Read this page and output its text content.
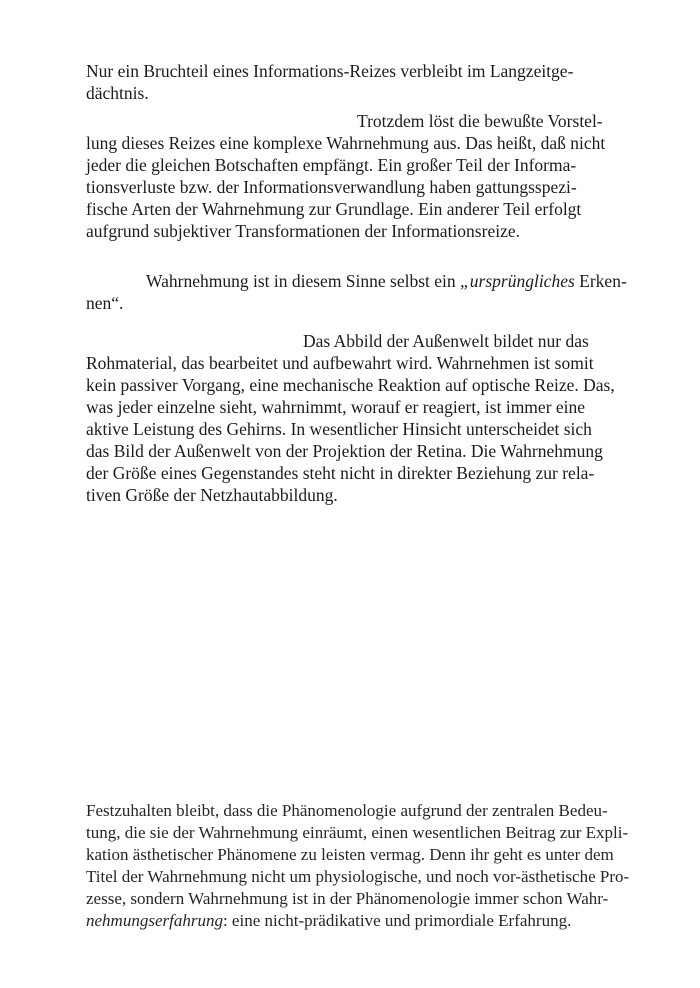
Nur ein Bruchteil eines Informations-Reizes verbleibt im Langzeitge-
dächtnis.
Trotzdem löst die bewußte Vorstel-
lung dieses Reizes eine komplexe Wahrnehmung aus. Das heißt, daß nicht
jeder die gleichen Botschaften empfängt. Ein großer Teil der Informa-
tionsverluste bzw. der Informationsverwandlung haben gattungsspezi-
fische Arten der Wahrnehmung zur Grundlage. Ein anderer Teil erfolgt
aufgrund subjektiver Transformationen der Informationsreize.
Wahrnehmung ist in diesem Sinne selbst ein „ursprüngliches Erken-
nen“.
Das Abbild der Außenwelt bildet nur das
Rohmaterial, das bearbeitet und aufbewahrt wird. Wahrnehmen ist somit
kein passiver Vorgang, eine mechanische Reaktion auf optische Reize. Das,
was jeder einzelne sieht, wahrnimmt, worauf er reagiert, ist immer eine
aktive Leistung des Gehirns. In wesentlicher Hinsicht unterscheidet sich
das Bild der Außenwelt von der Projektion der Retina. Die Wahrnehmung
der Größe eines Gegenstandes steht nicht in direkter Beziehung zur rela-
tiven Größe der Netzhautabbildung.
Festzuhalten bleibt, dass die Phänomenologie aufgrund der zentralen Bedeu-
tung, die sie der Wahrnehmung einräumt, einen wesentlichen Beitrag zur Expli-
kation ästhetischer Phänomene zu leisten vermag. Denn ihr geht es unter dem
Titel der Wahrnehmung nicht um physiologische, und noch vor-ästhetische Pro-
zesse, sondern Wahrnehmung ist in der Phänomenologie immer schon Wahr-
nehmungserfahrung : eine nicht-prädikative und primordiale Erfahrung.
